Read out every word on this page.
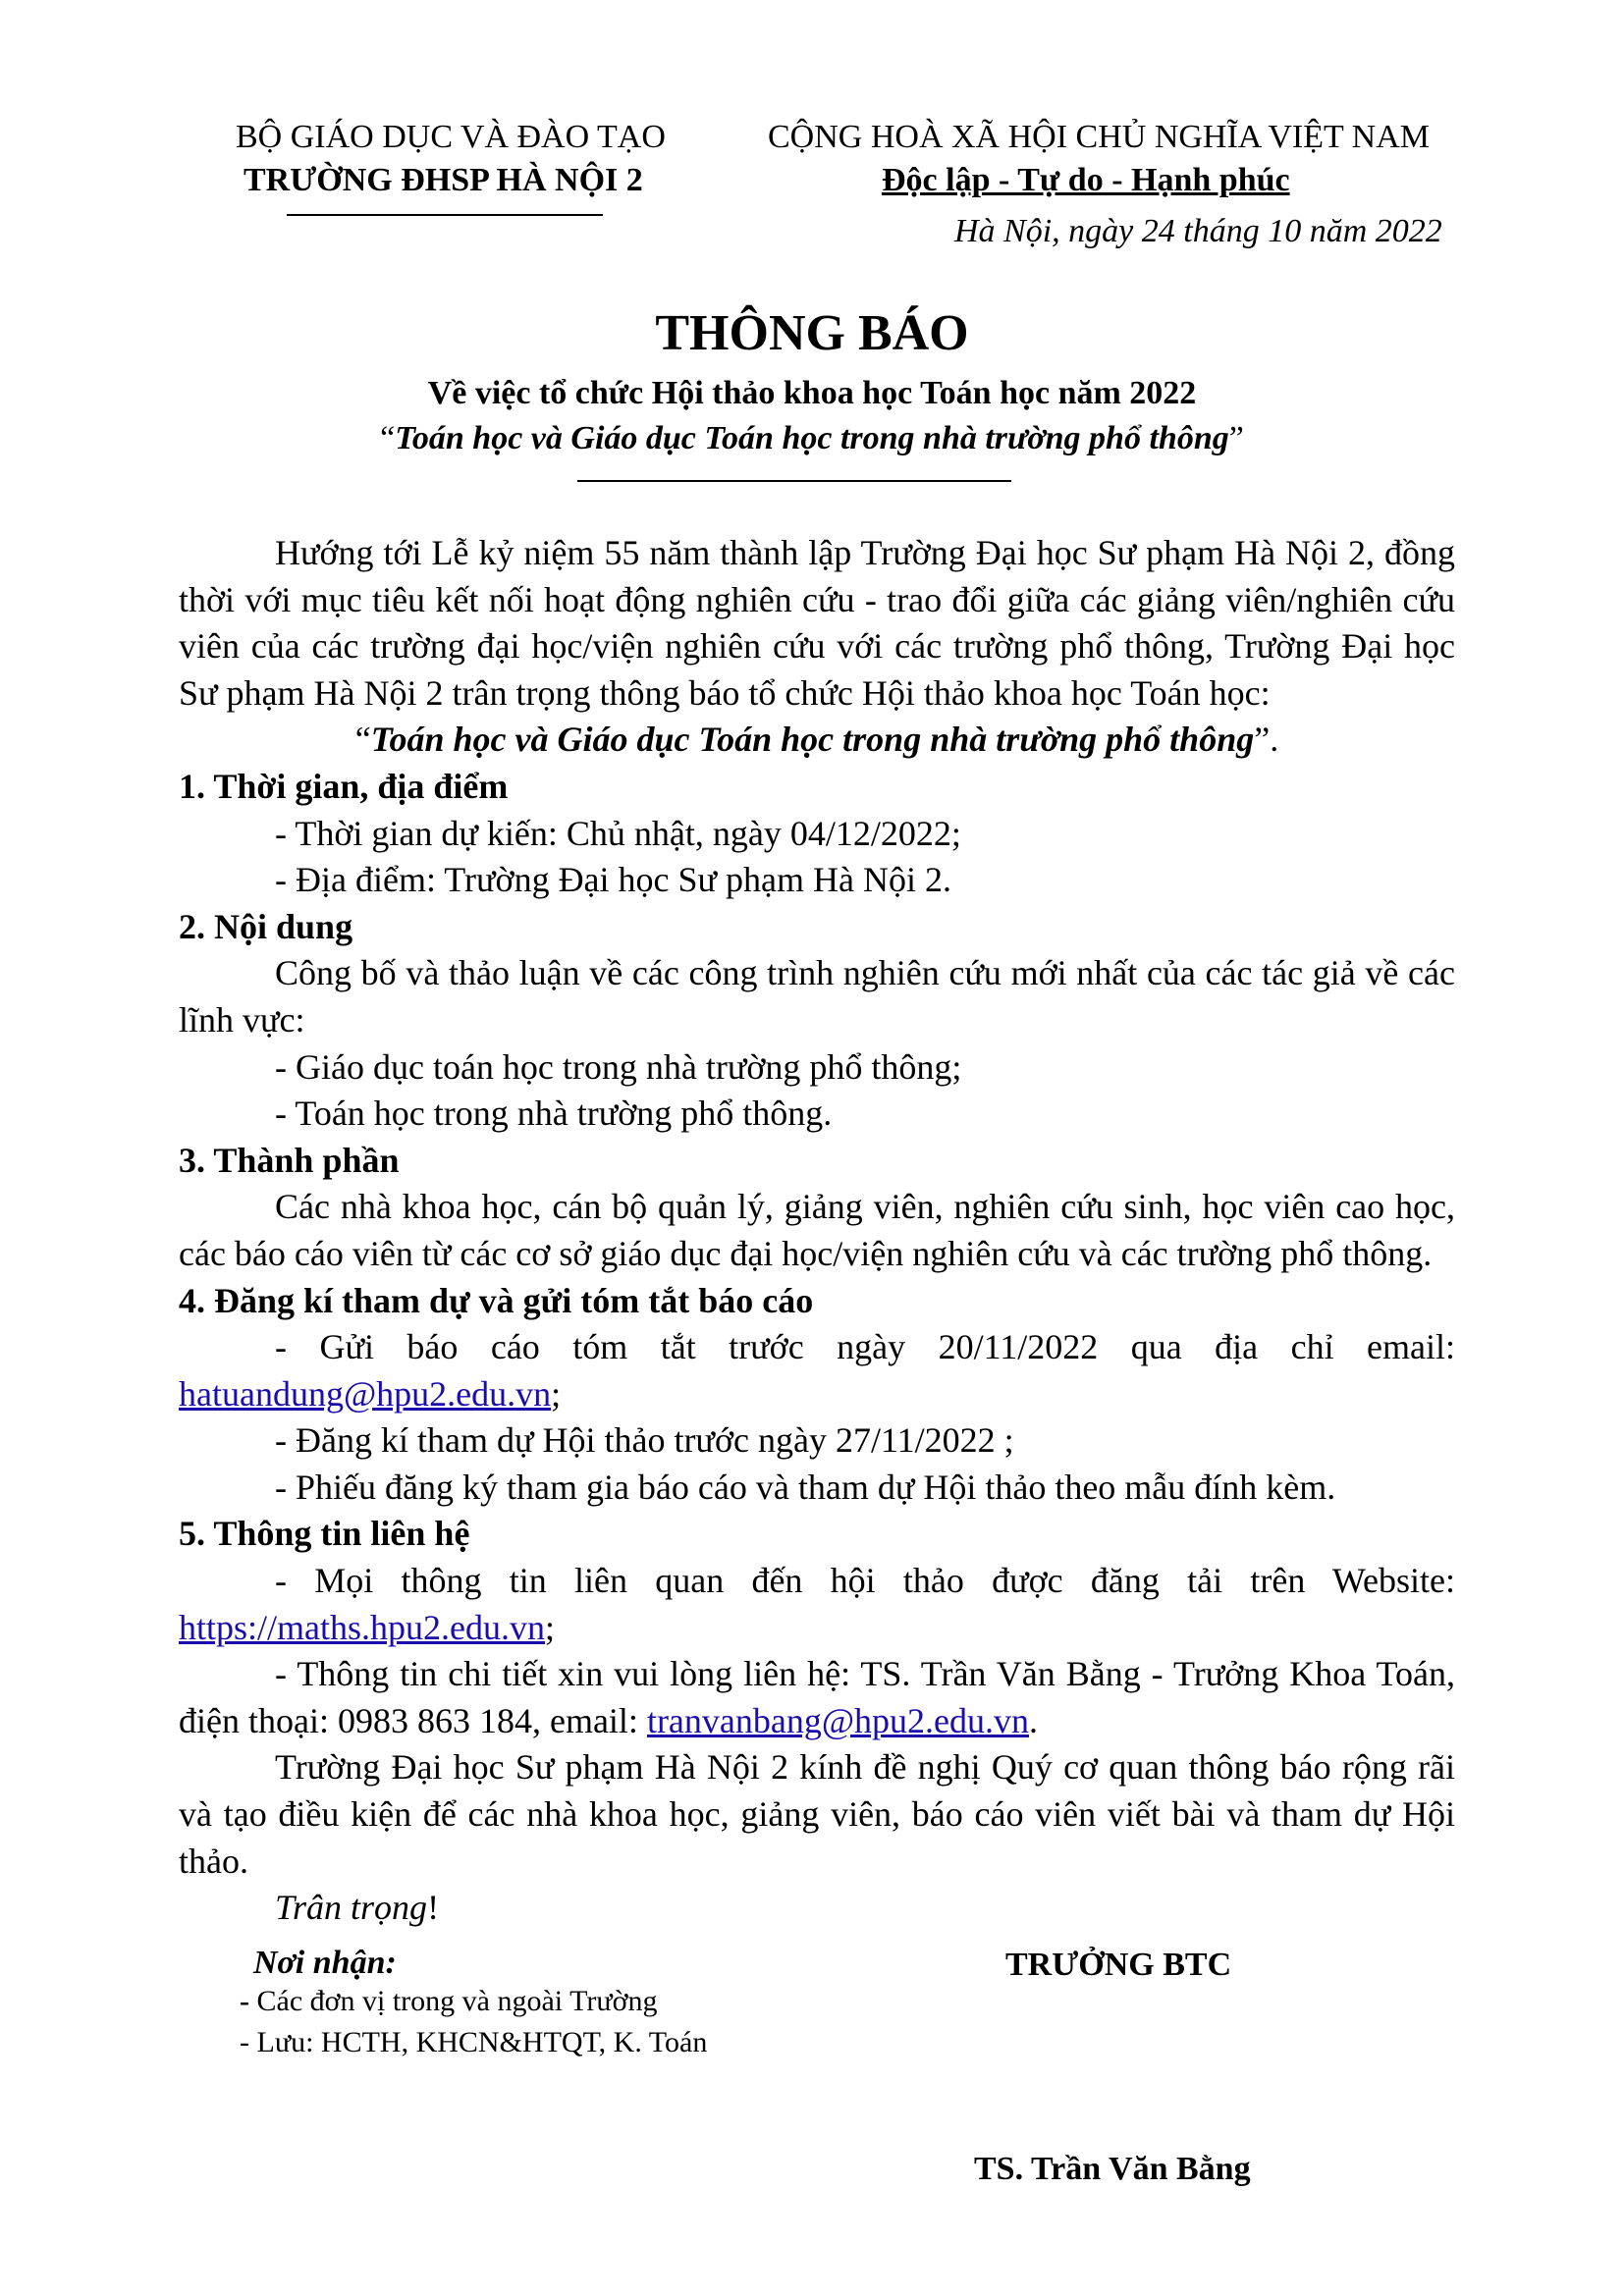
BỘ GIÁO DỤC VÀ ĐÀO TẠO
TRƯỜNG ĐHSP HÀ NỘI 2
CỘNG HOÀ XÃ HỘI CHỦ NGHĨA VIỆT NAM
Độc lập - Tự do - Hạnh phúc
Hà Nội, ngày 24 tháng 10 năm 2022
THÔNG BÁO
Về việc tổ chức Hội thảo khoa học Toán học năm 2022
“Toán học và Giáo dục Toán học trong nhà trường phổ thông”

Hướng tới Lễ kỷ niệm 55 năm thành lập Trường Đại học Sư phạm Hà Nội 2, đồng thời với mục tiêu kết nối hoạt động nghiên cứu - trao đổi giữa các giảng viên/nghiên cứu viên của các trường đại học/viện nghiên cứu với các trường phổ thông, Trường Đại học Sư phạm Hà Nội 2 trân trọng thông báo tổ chức Hội thảo khoa học Toán học:

“Toán học và Giáo dục Toán học trong nhà trường phổ thông”.

1. Thời gian, địa điểm

- Thời gian dự kiến: Chủ nhật, ngày 04/12/2022;

- Địa điểm: Trường Đại học Sư phạm Hà Nội 2.

2. Nội dung

Công bố và thảo luận về các công trình nghiên cứu mới nhất của các tác giả về các lĩnh vực:

- Giáo dục toán học trong nhà trường phổ thông;

- Toán học trong nhà trường phổ thông.

3. Thành phần

Các nhà khoa học, cán bộ quản lý, giảng viên, nghiên cứu sinh, học viên cao học, các báo cáo viên từ các cơ sở giáo dục đại học/viện nghiên cứu và các trường phổ thông.

4. Đăng kí tham dự và gửi tóm tắt báo cáo

- Gửi báo cáo tóm tắt trước ngày 20/11/2022 qua địa chỉ email:

hatuandung@hpu2.edu.vn;

- Đăng kí tham dự Hội thảo trước ngày 27/11/2022 ;

- Phiếu đăng ký tham gia báo cáo và tham dự Hội thảo theo mẫu đính kèm.

5. Thông tin liên hệ

- Mọi thông tin liên quan đến hội thảo được đăng tải trên Website:

https://maths.hpu2.edu.vn;

- Thông tin chi tiết xin vui lòng liên hệ: TS. Trần Văn Bằng - Trưởng Khoa Toán, điện thoại: 0983 863 184, email: tranvanbang@hpu2.edu.vn.

Trường Đại học Sư phạm Hà Nội 2 kính đề nghị Quý cơ quan thông báo rộng rãi và tạo điều kiện để các nhà khoa học, giảng viên, báo cáo viên viết bài và tham dự Hội thảo.

Trân trọng!

Nơi nhận:
- Các đơn vị trong và ngoài Trường
- Lưu: HCTH, KHCN&HTQT, K. Toán
TRƯỞNG BTC
TS. Trần Văn Bằng
